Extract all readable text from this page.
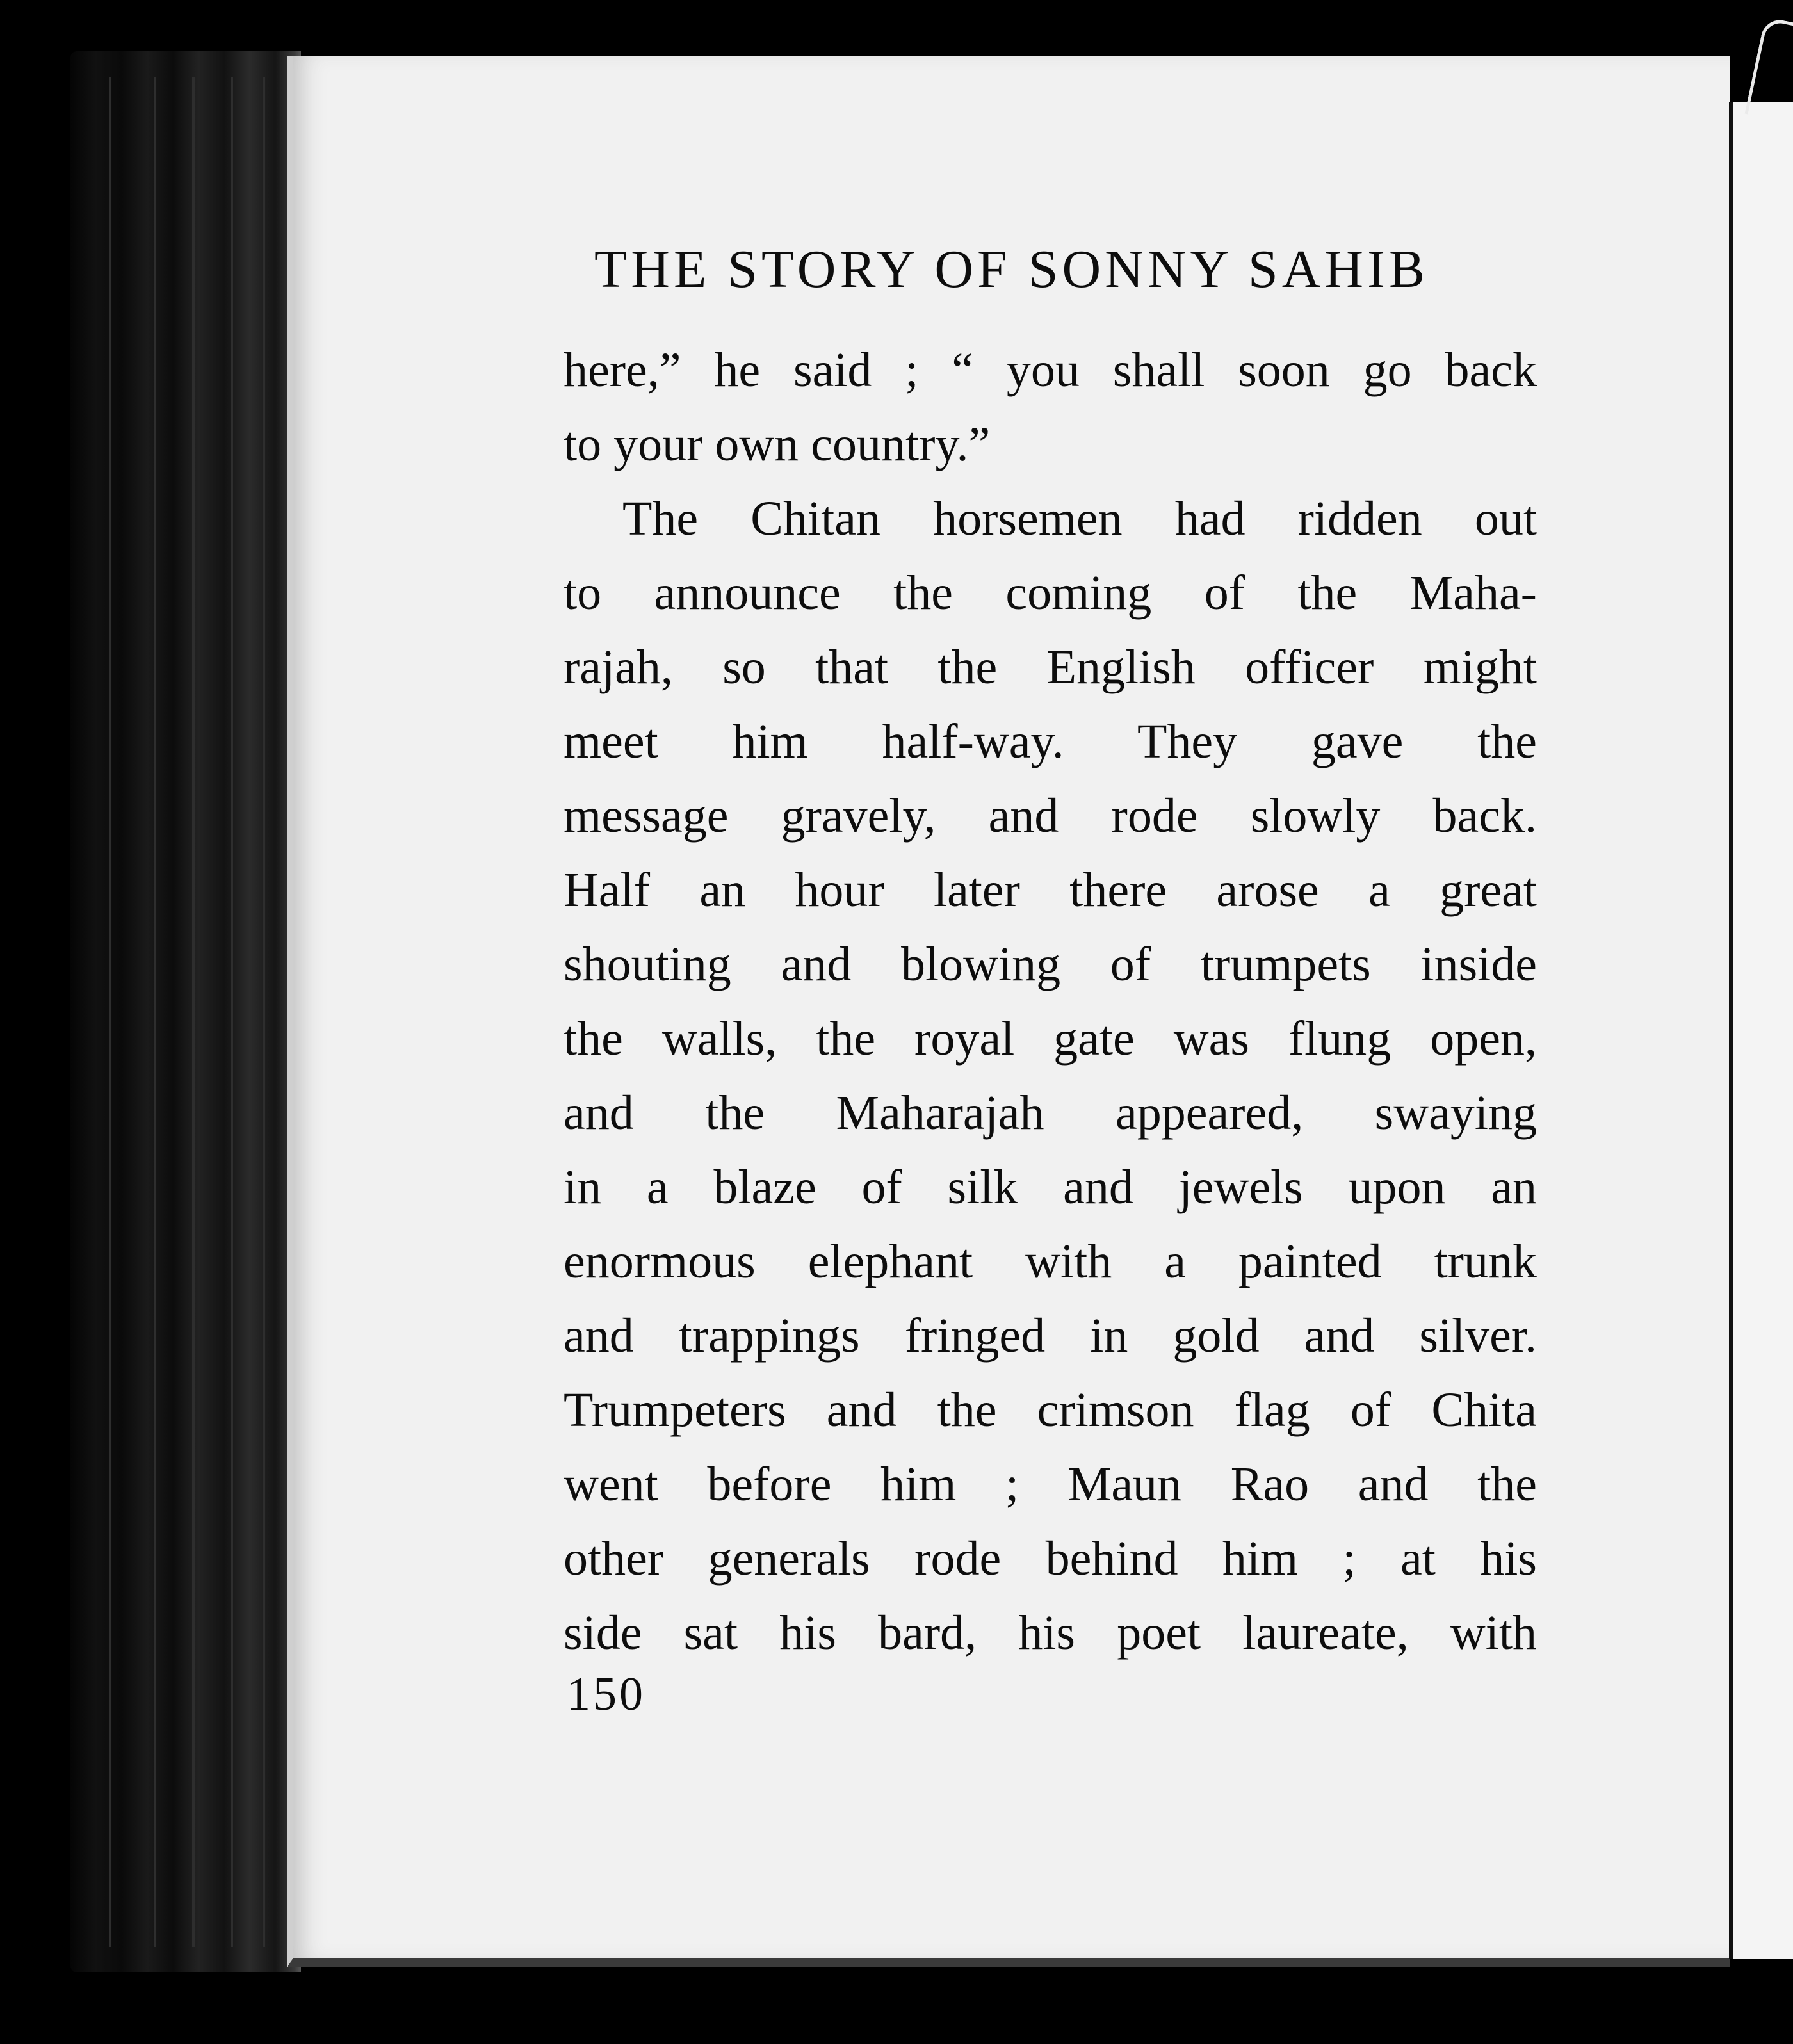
THE STORY OF SONNY SAHIB
here,” he said ; “ you shall soon go back
to your own country.”
The Chitan horsemen had ridden out
to announce the coming of the Maha-
rajah, so that the English officer might
meet him half-way. They gave the
message gravely, and rode slowly back.
Half an hour later there arose a great
shouting and blowing of trumpets inside
the walls, the royal gate was flung open,
and the Maharajah appeared, swaying
in a blaze of silk and jewels upon an
enormous elephant with a painted trunk
and trappings fringed in gold and silver.
Trumpeters and the crimson flag of Chita
went before him ; Maun Rao and the
other generals rode behind him ; at his
side sat his bard, his poet laureate, with
150
